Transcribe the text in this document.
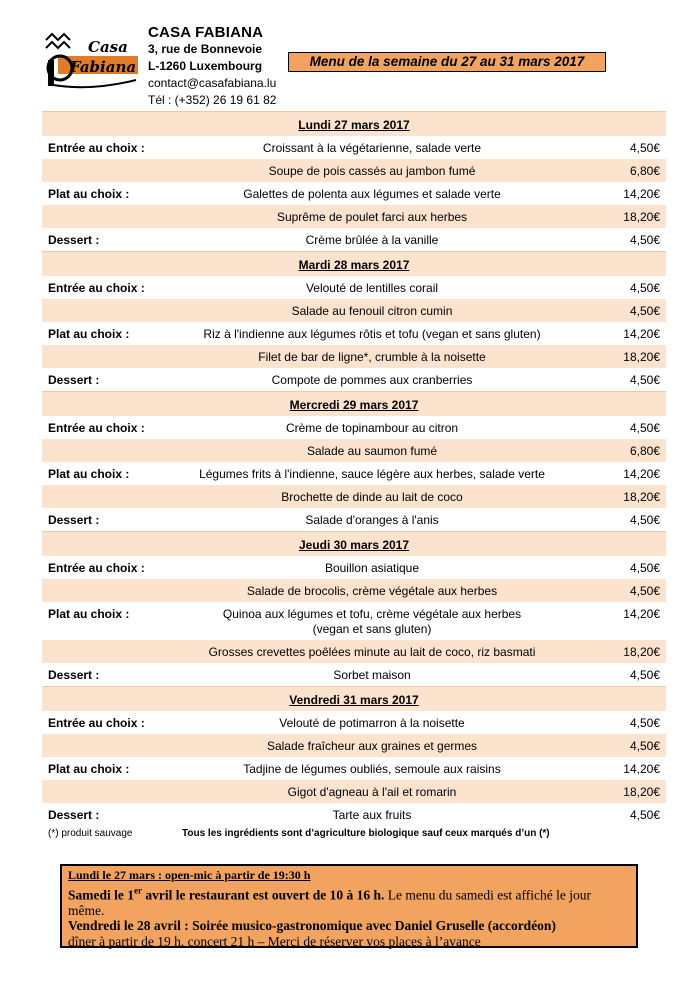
Casa
Fabiana
CASA FABIANA
3, rue de Bonnevoie
L-1260 Luxembourg
contact@casafabiana.lu
Tél : (+352) 26 19 61 82
Menu de la semaine du 27 au 31 mars 2017
Lundi 27 mars 2017
Entrée au choix :	Croissant à la végétarienne, salade verte	4,50€
Soupe de pois cassés au jambon fumé	6,80€
Plat au choix :	Galettes de polenta aux légumes et salade verte	14,20€
Suprême de poulet farci aux herbes	18,20€
Dessert :	Crème brûlée à la vanille	4,50€
Mardi 28 mars 2017
Entrée au choix :	Velouté de lentilles corail	4,50€
Salade au fenouil citron cumin	4,50€
Plat au choix :	Riz à l'indienne aux légumes rôtis et tofu (vegan et sans gluten)	14,20€
Filet de bar de ligne*, crumble à la noisette	18,20€
Dessert :	Compote de pommes aux cranberries	4,50€
Mercredi 29 mars 2017
Entrée au choix :	Crème de topinambour au citron	4,50€
Salade au saumon fumé	6,80€
Plat au choix :	Légumes frits à l'indienne, sauce légère aux herbes, salade verte	14,20€
Brochette de dinde au lait de coco	18,20€
Dessert :	Salade d'oranges à l'anis	4,50€
Jeudi 30 mars 2017
Entrée au choix :	Bouillon asiatique	4,50€
Salade de brocolis, crème végétale aux herbes	4,50€
Plat au choix :	Quinoa aux légumes et tofu, crème végétale aux herbes
(vegan et sans gluten)
14,20€
Grosses crevettes poêlées minute au lait de coco, riz basmati	18,20€
Dessert :	Sorbet maison	4,50€
Vendredi 31 mars 2017
Entrée au choix :	Velouté de potimarron à la noisette	4,50€
Salade fraîcheur aux graines et germes	4,50€
Plat au choix :	Tadjine de légumes oubliés, semoule aux raisins	14,20€
Gigot d'agneau à l'ail et romarin	18,20€
Dessert :	Tarte aux fruits	4,50€
(*) produit sauvage	Tous les ingrédients sont d’agriculture biologique sauf ceux marqués d’un (*)
Lundi le 27 mars : open-mic à partir de 19:30 h
Samedi le 1er avril le restaurant est ouvert de 10 à 16 h. Le menu du samedi est affiché le jour même.
Vendredi le 28 avril : Soirée musico-gastronomique avec Daniel Gruselle (accordéon)
dîner à partir de 19 h, concert 21 h – Merci de réserver vos places à l’avance
